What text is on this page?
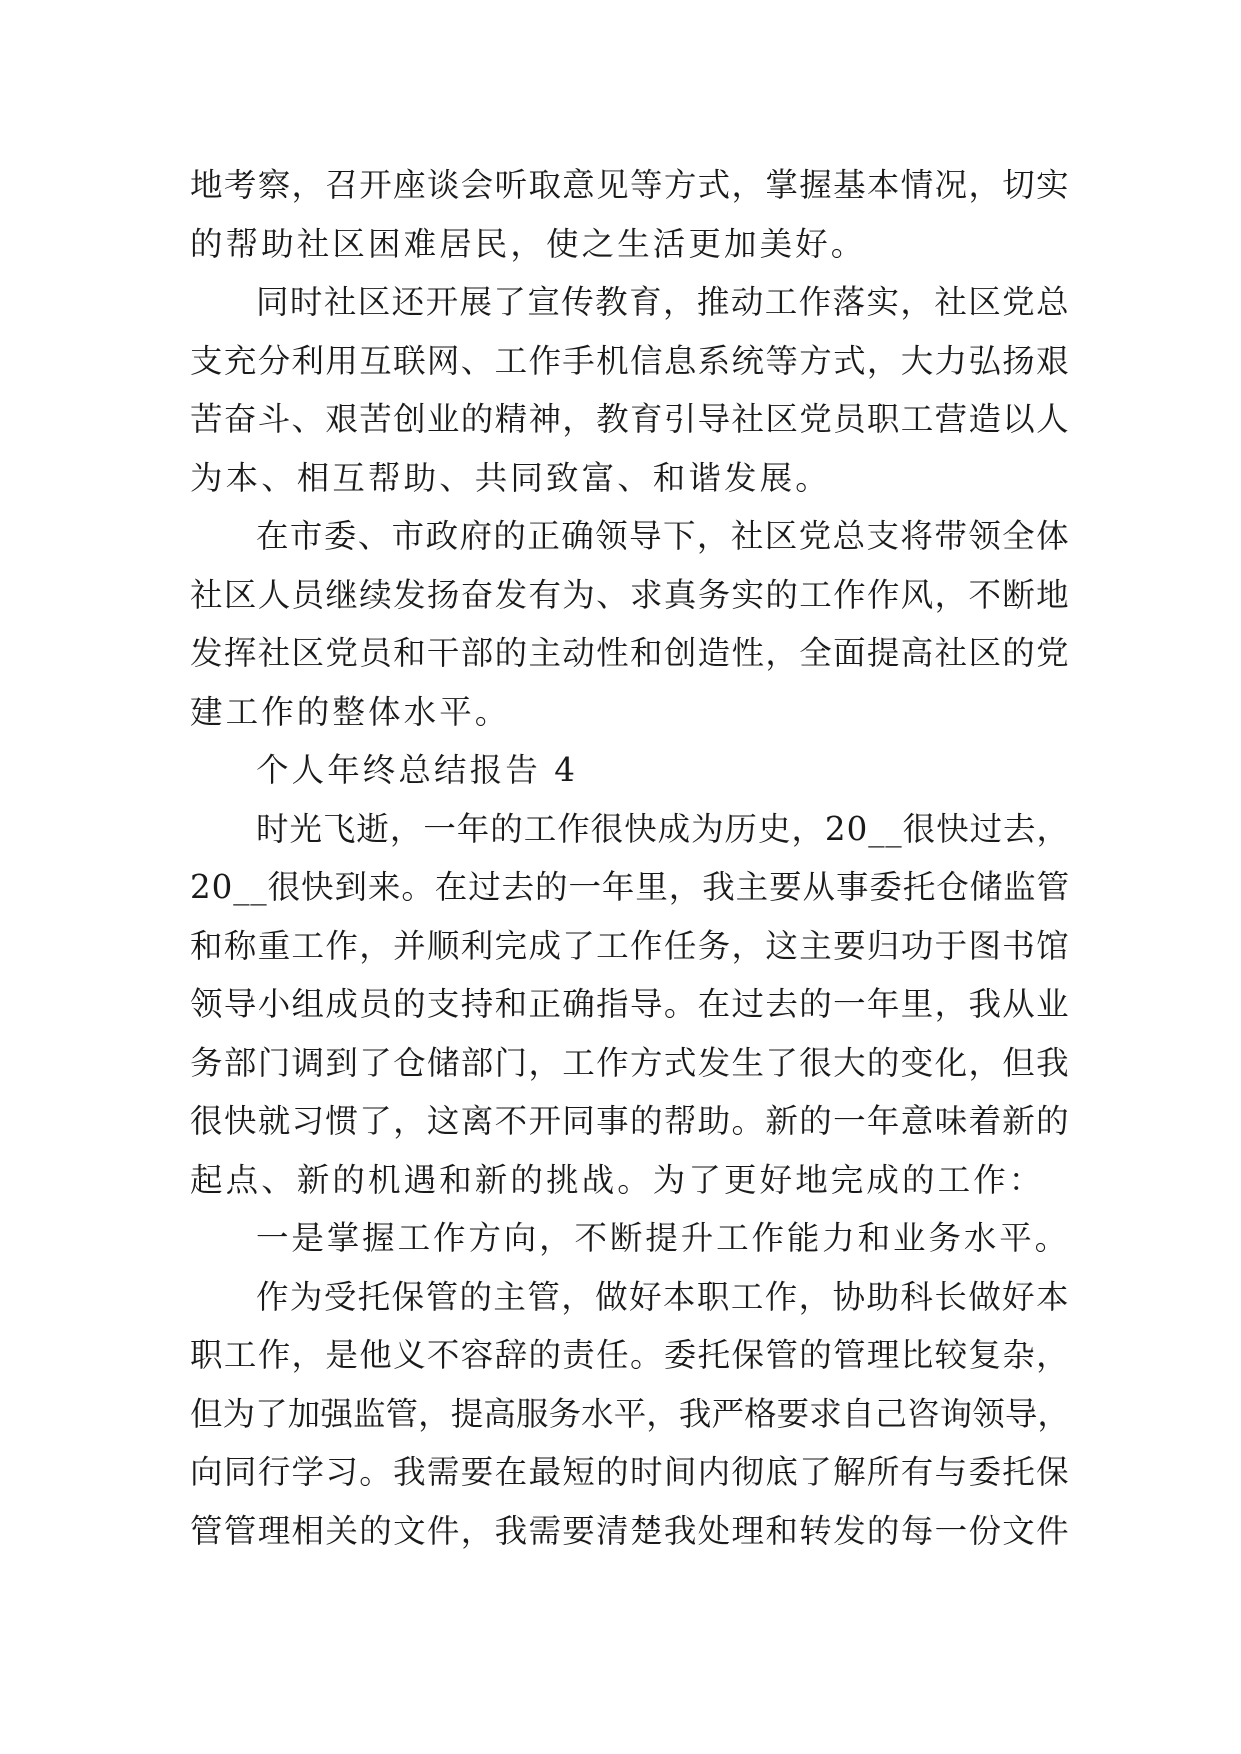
地考察，召开座谈会听取意见等方式，掌握基本情况，切实
的帮助社区困难居民，使之生活更加美好。
同时社区还开展了宣传教育，推动工作落实，社区党总
支充分利用互联网、工作手机信息系统等方式，大力弘扬艰
苦奋斗、艰苦创业的精神，教育引导社区党员职工营造以人
为本、相互帮助、共同致富、和谐发展。
在市委、市政府的正确领导下，社区党总支将带领全体
社区人员继续发扬奋发有为、求真务实的工作作风，不断地
发挥社区党员和干部的主动性和创造性，全面提高社区的党
建工作的整体水平。
个人年终总结报告 4
时光飞逝，一年的工作很快成为历史，20__很快过去，
20__很快到来。在过去的一年里，我主要从事委托仓储监管
和称重工作，并顺利完成了工作任务，这主要归功于图书馆
领导小组成员的支持和正确指导。在过去的一年里，我从业
务部门调到了仓储部门，工作方式发生了很大的变化，但我
很快就习惯了，这离不开同事的帮助。新的一年意味着新的
起点、新的机遇和新的挑战。为了更好地完成的工作：
一是掌握工作方向，不断提升工作能力和业务水平。
作为受托保管的主管，做好本职工作，协助科长做好本
职工作，是他义不容辞的责任。委托保管的管理比较复杂，
但为了加强监管，提高服务水平，我严格要求自己咨询领导，
向同行学习。我需要在最短的时间内彻底了解所有与委托保
管管理相关的文件，我需要清楚我处理和转发的每一份文件
